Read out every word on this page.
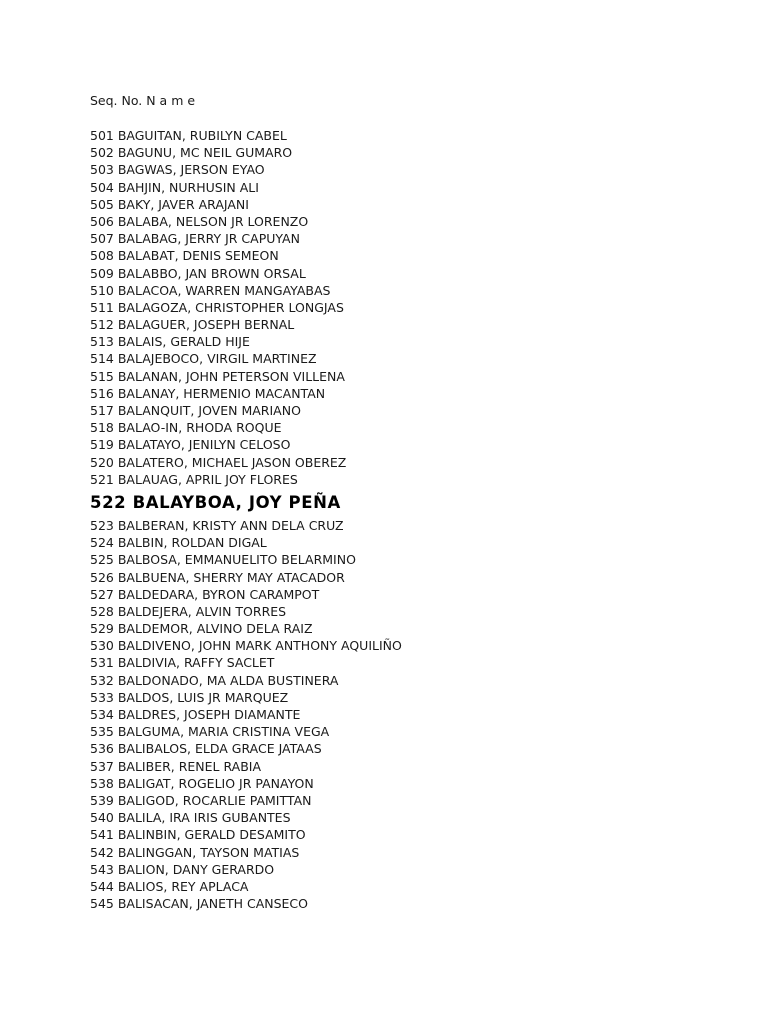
Seq. No. N a m e
501 BAGUITAN, RUBILYN CABEL
502 BAGUNU, MC NEIL GUMARO
503 BAGWAS, JERSON EYAO
504 BAHJIN, NURHUSIN ALI
505 BAKY, JAVER ARAJANI
506 BALABA, NELSON JR LORENZO
507 BALABAG, JERRY JR CAPUYAN
508 BALABAT, DENIS SEMEON
509 BALABBO, JAN BROWN ORSAL
510 BALACOA, WARREN MANGAYABAS
511 BALAGOZA, CHRISTOPHER LONGJAS
512 BALAGUER, JOSEPH BERNAL
513 BALAIS, GERALD HIJE
514 BALAJEBOCO, VIRGIL MARTINEZ
515 BALANAN, JOHN PETERSON VILLENA
516 BALANAY, HERMENIO MACANTAN
517 BALANQUIT, JOVEN MARIANO
518 BALAO-IN, RHODA ROQUE
519 BALATAYO, JENILYN CELOSO
520 BALATERO, MICHAEL JASON OBEREZ
521 BALAUAG, APRIL JOY FLORES
522 BALAYBOA, JOY PEÑA
523 BALBERAN, KRISTY ANN DELA CRUZ
524 BALBIN, ROLDAN DIGAL
525 BALBOSA, EMMANUELITO BELARMINO
526 BALBUENA, SHERRY MAY ATACADOR
527 BALDEDARA, BYRON CARAMPOT
528 BALDEJERA, ALVIN TORRES
529 BALDEMOR, ALVINO DELA RAIZ
530 BALDIVENO, JOHN MARK ANTHONY AQUILIÑO
531 BALDIVIA, RAFFY SACLET
532 BALDONADO, MA ALDA BUSTINERA
533 BALDOS, LUIS JR MARQUEZ
534 BALDRES, JOSEPH DIAMANTE
535 BALGUMA, MARIA CRISTINA VEGA
536 BALIBALOS, ELDA GRACE JATAAS
537 BALIBER, RENEL RABIA
538 BALIGAT, ROGELIO JR PANAYON
539 BALIGOD, ROCARLIE PAMITTAN
540 BALILA, IRA IRIS GUBANTES
541 BALINBIN, GERALD DESAMITO
542 BALINGGAN, TAYSON MATIAS
543 BALION, DANY GERARDO
544 BALIOS, REY APLACA
545 BALISACAN, JANETH CANSECO
